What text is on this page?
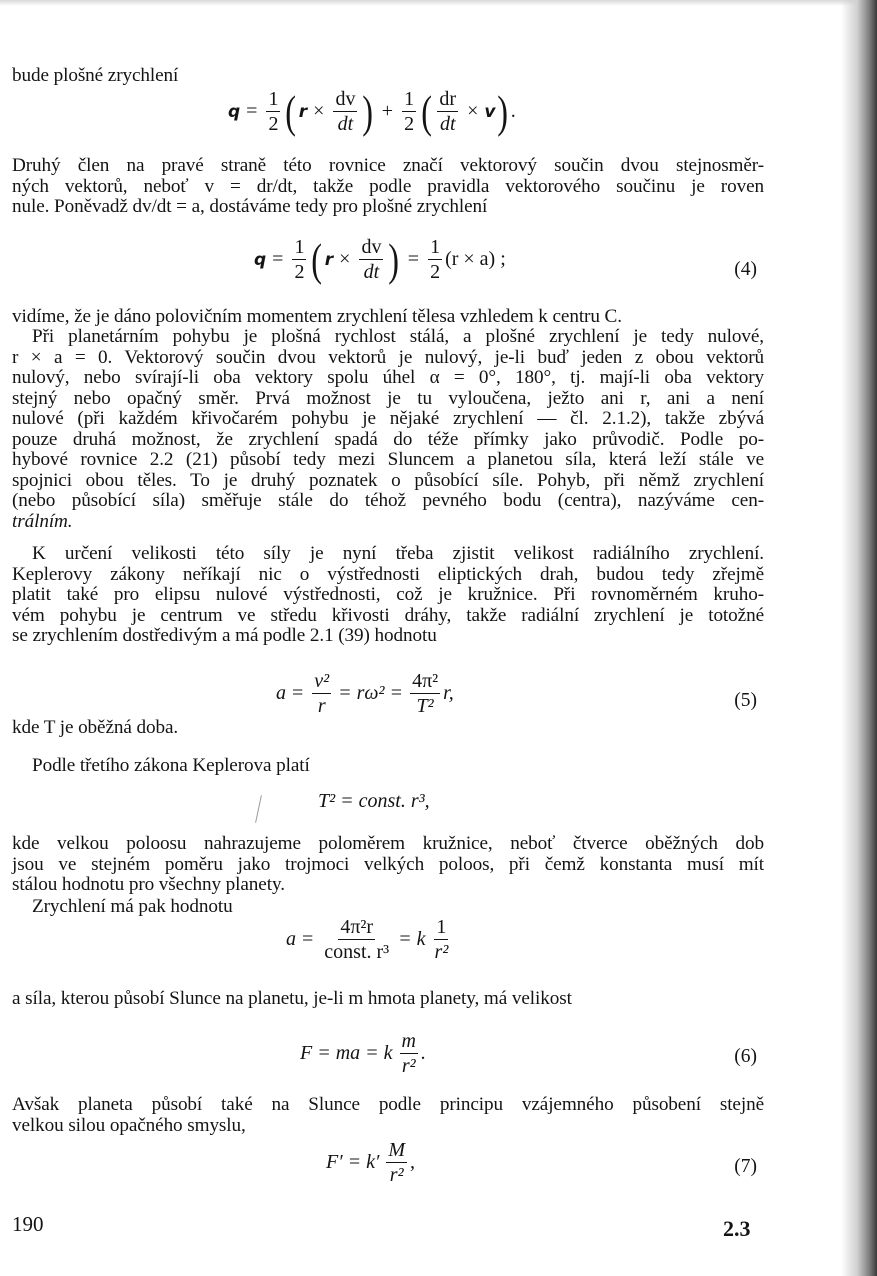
bude plošné zrychlení
$q = \frac{1}{2}$ ( $r \times \frac{dv}{dt}$ ) + $\frac{1}{2}$ ( $\frac{dr}{dt} \times v$ ) .
Druhý člen na pravé straně této rovnice značí vektorový součin dvou stejnosměr-
ných vektorů, neboť v = dr/dt, takže podle pravidla vektorového součinu je roven
nule. Poněvadž dv/dt = a, dostáváme tedy pro plošné zrychlení
$q = \frac{1}{2}$ ( $r \times \frac{dv}{dt}$ ) = $\frac{1}{2} (r \times a)$ ;	(4)
vidíme, že je dáno polovičním momentem zrychlení tělesa vzhledem k centru C.
Při planetárním pohybu je plošná rychlost stálá, a plošné zrychlení je tedy nulové,
r × a = 0. Vektorový součin dvou vektorů je nulový, je-li buď jeden z obou vektorů
nulový, nebo svírají-li oba vektory spolu úhel α = 0°, 180°, tj. mají-li oba vektory
stejný nebo opačný směr. Prvá možnost je tu vyloučena, ježto ani r, ani a není
nulové (při každém křivočarém pohybu je nějaké zrychlení — čl. 2.1.2), takže zbývá
pouze druhá možnost, že zrychlení spadá do téže přímky jako průvodič. Podle po-
hybové rovnice 2.2 (21) působí tedy mezi Sluncem a planetou síla, která leží stále ve
spojnici obou těles. To je druhý poznatek o působící síle. Pohyb, při němž zrychlení
(nebo působící síla) směřuje stále do téhož pevného bodu (centra), nazýváme cen-
trálním.
K určení velikosti této síly je nyní třeba zjistit velikost radiálního zrychlení.
Keplerovy zákony neříkají nic o výstřednosti eliptických drah, budou tedy zřejmě
platit také pro elipsu nulové výstřednosti, což je kružnice. Při rovnoměrném kruho-
vém pohybu je centrum ve středu křivosti dráhy, takže radiální zrychlení je totožné
se zrychlením dostředivým a má podle 2.1 (39) hodnotu
$a = \frac{\text{v²}}{r} = r\omega^2 = \frac{\text{4π²}}{\text{T²}} r$,	(5)
kde T je oběžná doba.
Podle třetího zákona Keplerova platí
T² = const. r³,
kde velkou poloosu nahrazujeme poloměrem kružnice, neboť čtverce oběžných dob
jsou ve stejném poměru jako trojmoci velkých poloos, při čemž konstanta musí mít
stálou hodnotu pro všechny planety.
Zrychlení má pak hodnotu
$a = \frac{\text{4π²r}}{\text{const. r³}} = k \frac{1}{\text{r²}}$
a síla, kterou působí Slunce na planetu, je-li m hmota planety, má velikost
F = ma = k $\frac{m}{\text{r²}}$ .	(6)
Avšak planeta působí také na Slunce podle principu vzájemného působení stejně
velkou silou opačného smyslu,
$F' = k' \frac{M}{\text{r²}}$ ,	(7)
190	2.3
